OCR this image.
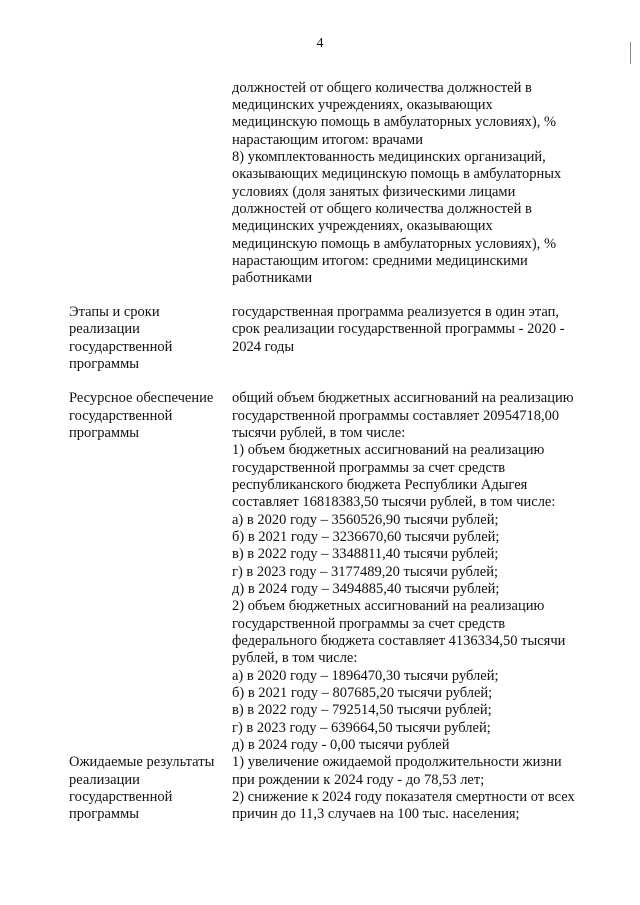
4
должностей от общего количества должностей в
медицинских учреждениях, оказывающих
медицинскую помощь в амбулаторных условиях), %
нарастающим итогом: врачами
8) укомплектованность медицинских организаций,
оказывающих медицинскую помощь в амбулаторных
условиях (доля занятых физическими лицами
должностей от общего количества должностей в
медицинских учреждениях, оказывающих
медицинскую помощь в амбулаторных условиях), %
нарастающим итогом: средними медицинскими
работниками
Этапы и сроки
реализации
государственной
программы
государственная программа реализуется в один этап,
срок реализации государственной программы - 2020 -
2024 годы
Ресурсное обеспечение
государственной
программы
общий объем бюджетных ассигнований на реализацию
государственной программы составляет 20954718,00
тысячи рублей, в том числе:
1) объем бюджетных ассигнований на реализацию
государственной программы за счет средств
республиканского бюджета Республики Адыгея
составляет 16818383,50 тысячи рублей, в том числе:
а) в 2020 году – 3560526,90 тысячи рублей;
б) в 2021 году – 3236670,60 тысячи рублей;
в) в 2022 году – 3348811,40 тысячи рублей;
г) в 2023 году – 3177489,20 тысячи рублей;
д) в 2024 году – 3494885,40 тысячи рублей;
2) объем бюджетных ассигнований на реализацию
государственной программы за счет средств
федерального бюджета составляет 4136334,50 тысячи
рублей, в том числе:
а) в 2020 году – 1896470,30 тысячи рублей;
б) в 2021 году – 807685,20 тысячи рублей;
в) в 2022 году – 792514,50 тысячи рублей;
г) в 2023 году – 639664,50 тысячи рублей;
д) в 2024 году - 0,00 тысячи рублей
Ожидаемые результаты
реализации
государственной
программы
1) увеличение ожидаемой продолжительности жизни
при рождении к 2024 году - до 78,53 лет;
2) снижение к 2024 году показателя смертности от всех
причин до 11,3 случаев на 100 тыс. населения;
